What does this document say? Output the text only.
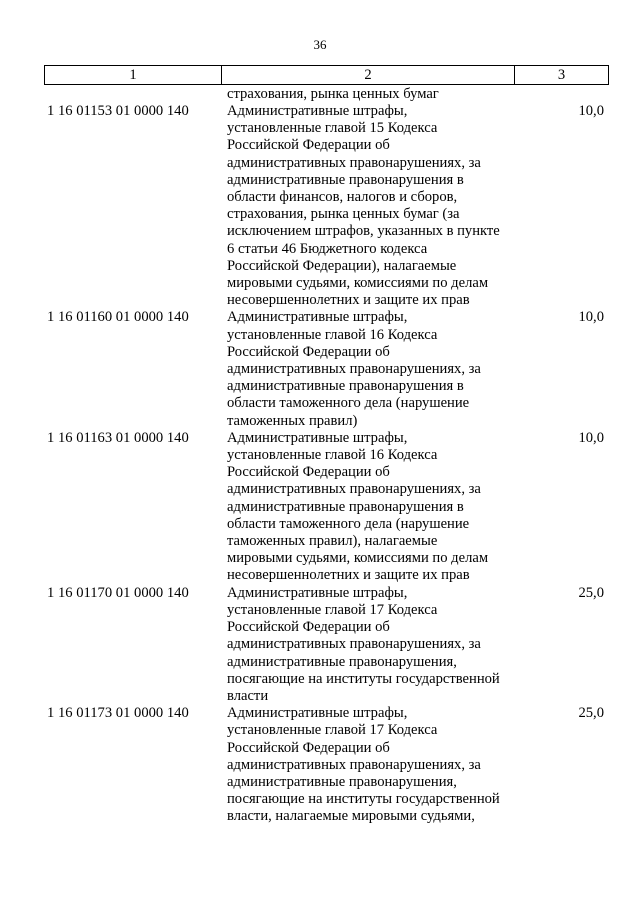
36
1	2	3
страхования, рынка ценных бумаг
1 16 01153 01 0000 140	Административные штрафы,
установленные главой 15 Кодекса
Российской Федерации об
административных правонарушениях, за
административные правонарушения в
области финансов, налогов и сборов,
страхования, рынка ценных бумаг (за
исключением штрафов, указанных в пункте
6 статьи 46 Бюджетного кодекса
Российской Федерации), налагаемые
мировыми судьями, комиссиями по делам
несовершеннолетних и защите их прав
10,0
1 16 01160 01 0000 140	Административные штрафы,
установленные главой 16 Кодекса
Российской Федерации об
административных правонарушениях, за
административные правонарушения в
области таможенного дела (нарушение
таможенных правил)
10,0
1 16 01163 01 0000 140	Административные штрафы,
установленные главой 16 Кодекса
Российской Федерации об
административных правонарушениях, за
административные правонарушения в
области таможенного дела (нарушение
таможенных правил), налагаемые
мировыми судьями, комиссиями по делам
несовершеннолетних и защите их прав
10,0
1 16 01170 01 0000 140	Административные штрафы,
установленные главой 17 Кодекса
Российской Федерации об
административных правонарушениях, за
административные правонарушения,
посягающие на институты государственной
власти
25,0
1 16 01173 01 0000 140	Административные штрафы,
установленные главой 17 Кодекса
Российской Федерации об
административных правонарушениях, за
административные правонарушения,
посягающие на институты государственной
власти, налагаемые мировыми судьями,
25,0
